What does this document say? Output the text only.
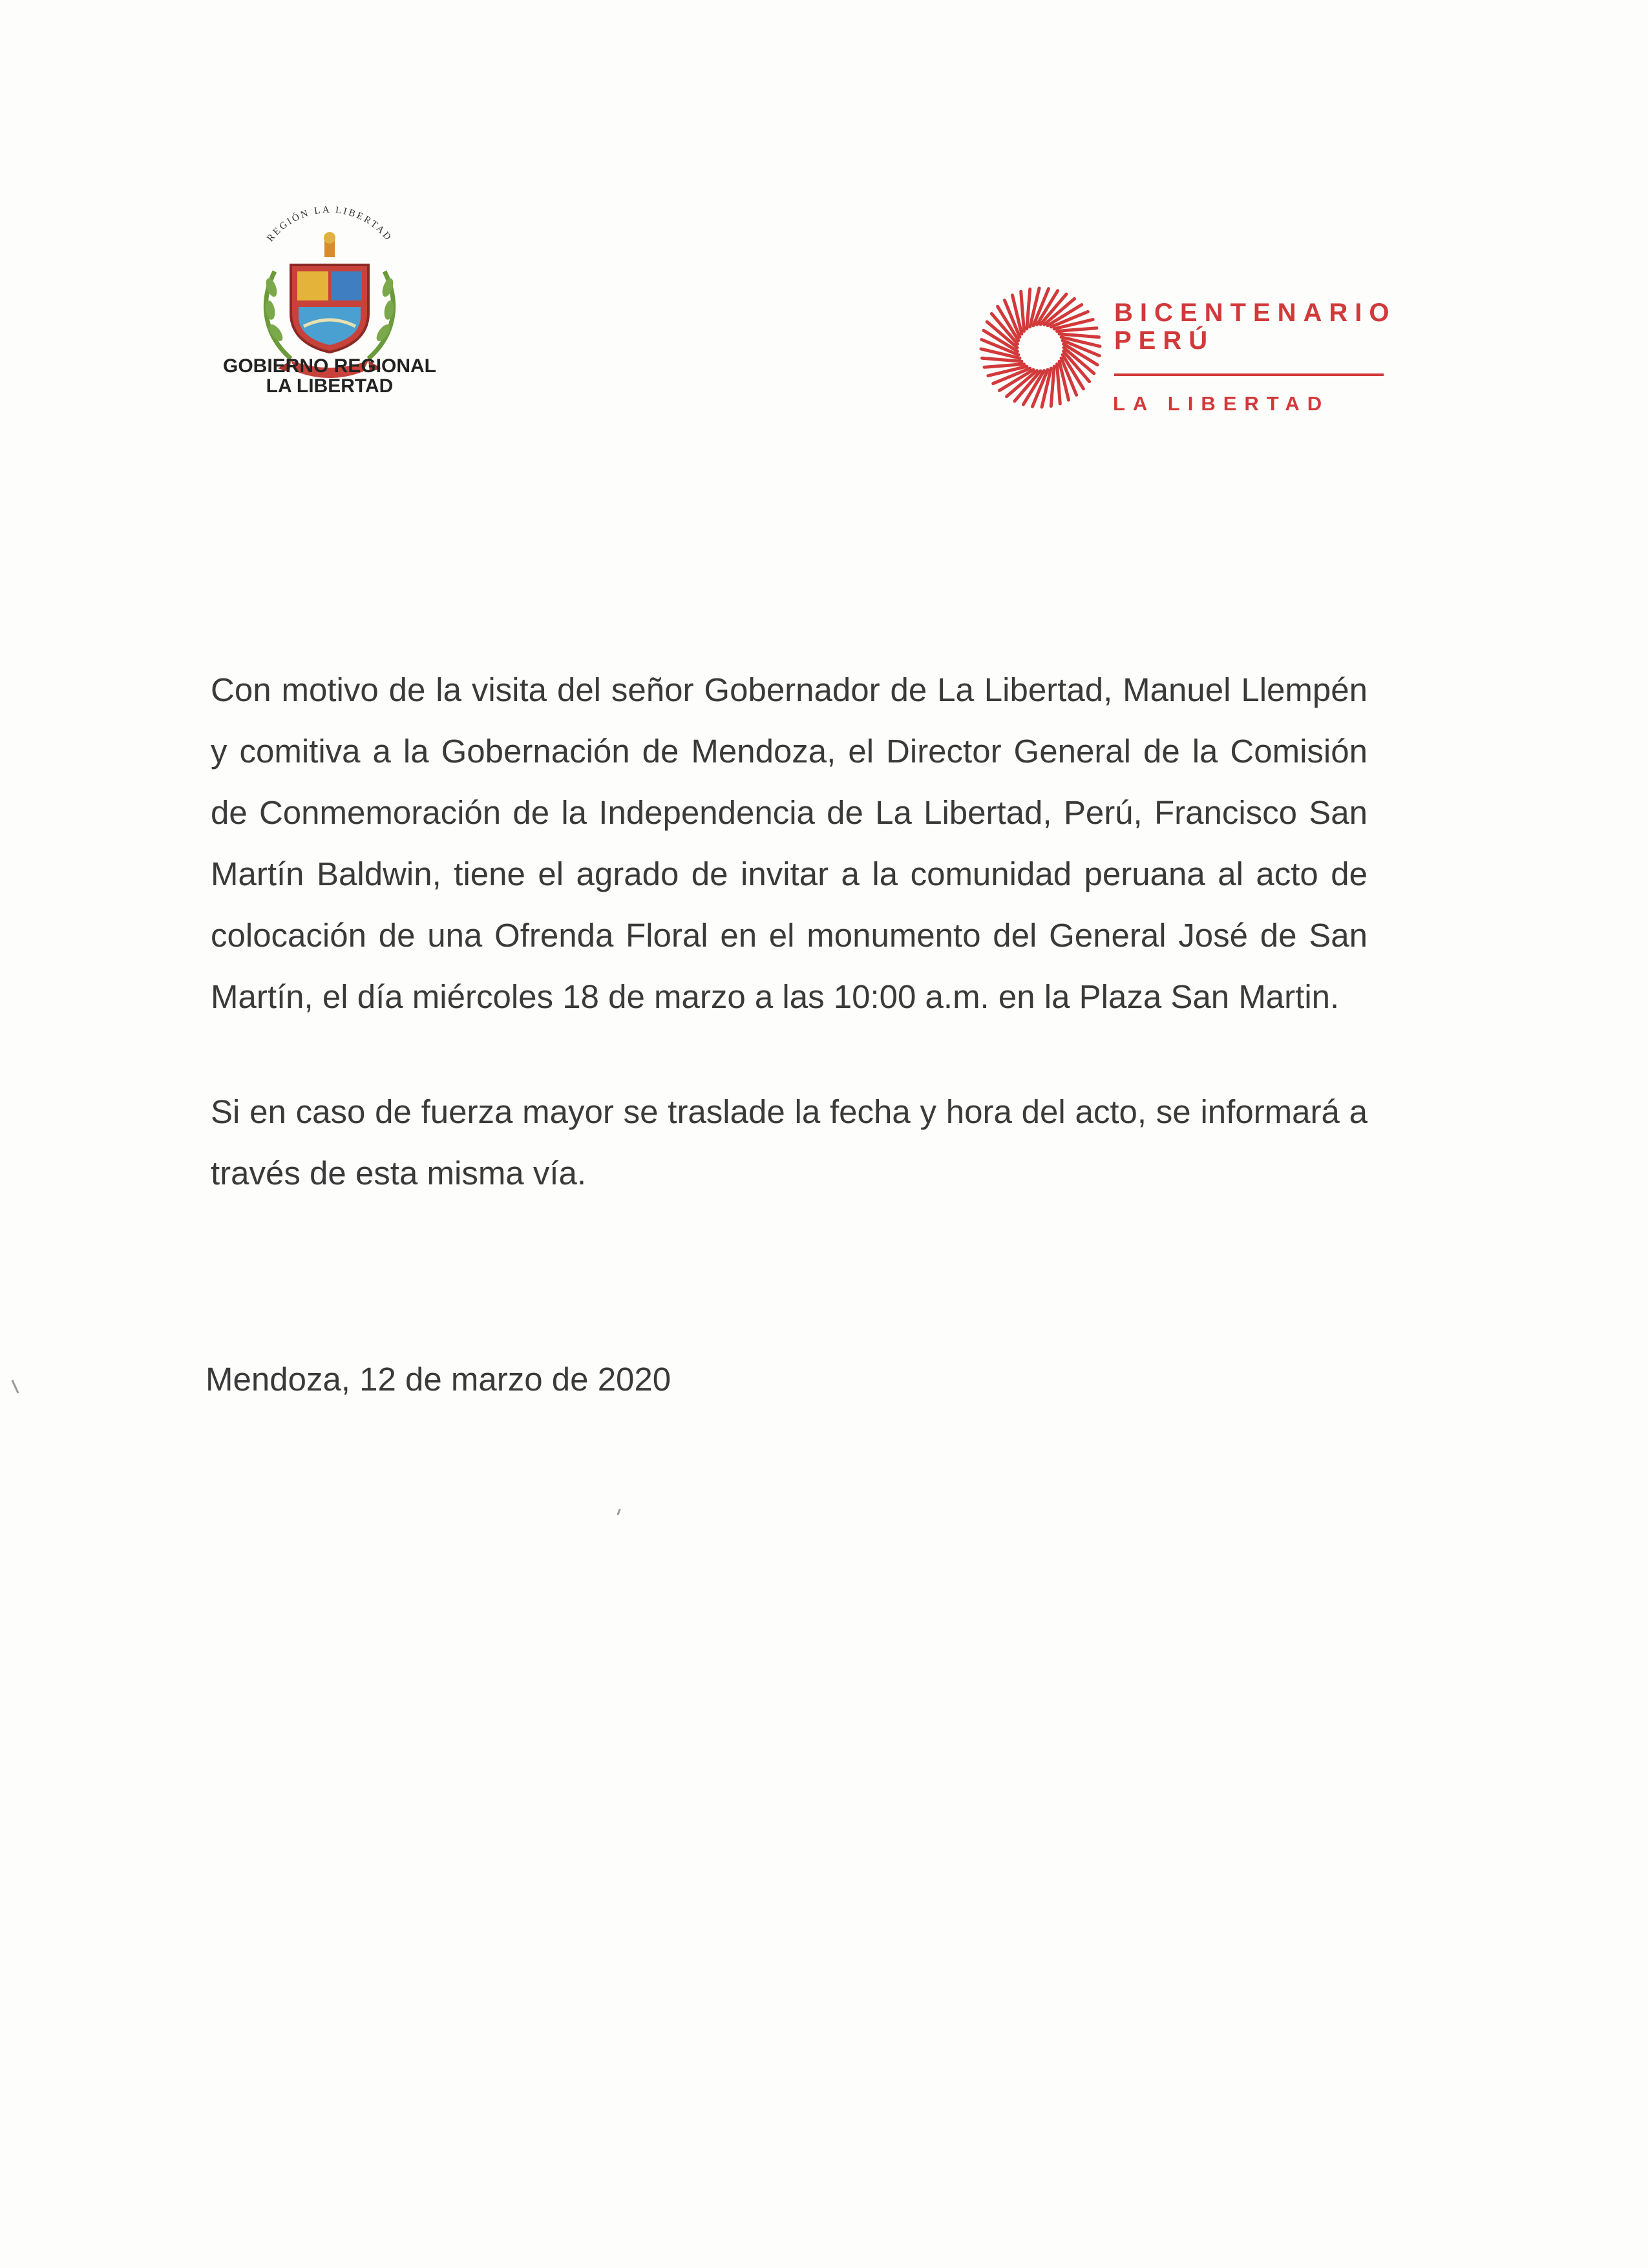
REGIÓN LA LIBERTAD
GOBIERNO REGIONAL
LA LIBERTAD
BICENTENARIO
PERÚ
LA LIBERTAD

Con motivo de la visita del señor Gobernador de La Libertad, Manuel Llempén y comitiva a la Gobernación de Mendoza, el Director General de la Comisión de Conmemoración de la Independencia de La Libertad, Perú, Francisco San Martín Baldwin, tiene el agrado de invitar a la comunidad peruana al acto de colocación de una Ofrenda Floral en el monumento del General José de San Martín, el día miércoles 18 de marzo a las 10:00 a.m. en la Plaza San Martin.

Si en caso de fuerza mayor se traslade la fecha y hora del acto, se informará a través de esta misma vía.

Mendoza, 12 de marzo de 2020
